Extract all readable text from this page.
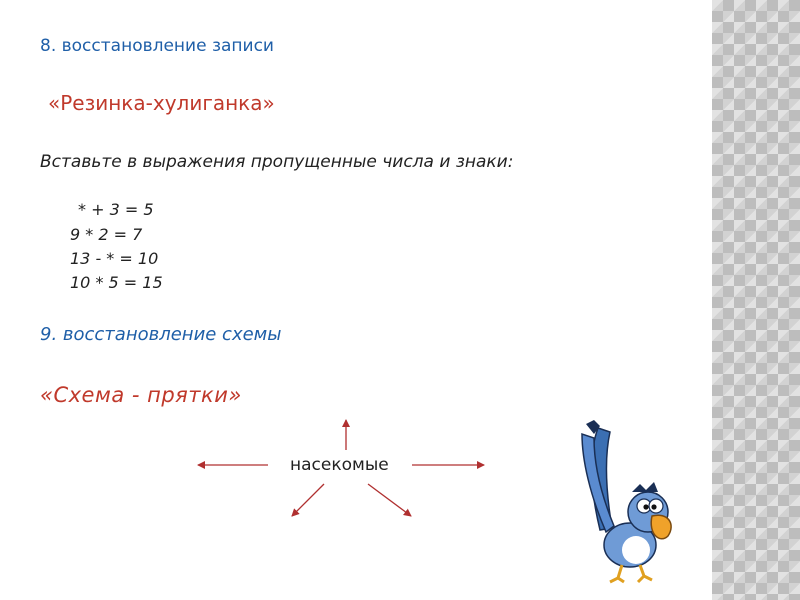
8. восстановление записи

«Резинка-хулиганка»

Вставьте в выражения пропущенные числа и знаки:

* + 3 = 5

9 * 2 = 7

13 - * = 10

10 * 5 = 15

9. восстановление схемы

«Схема - прятки»

насекомые
